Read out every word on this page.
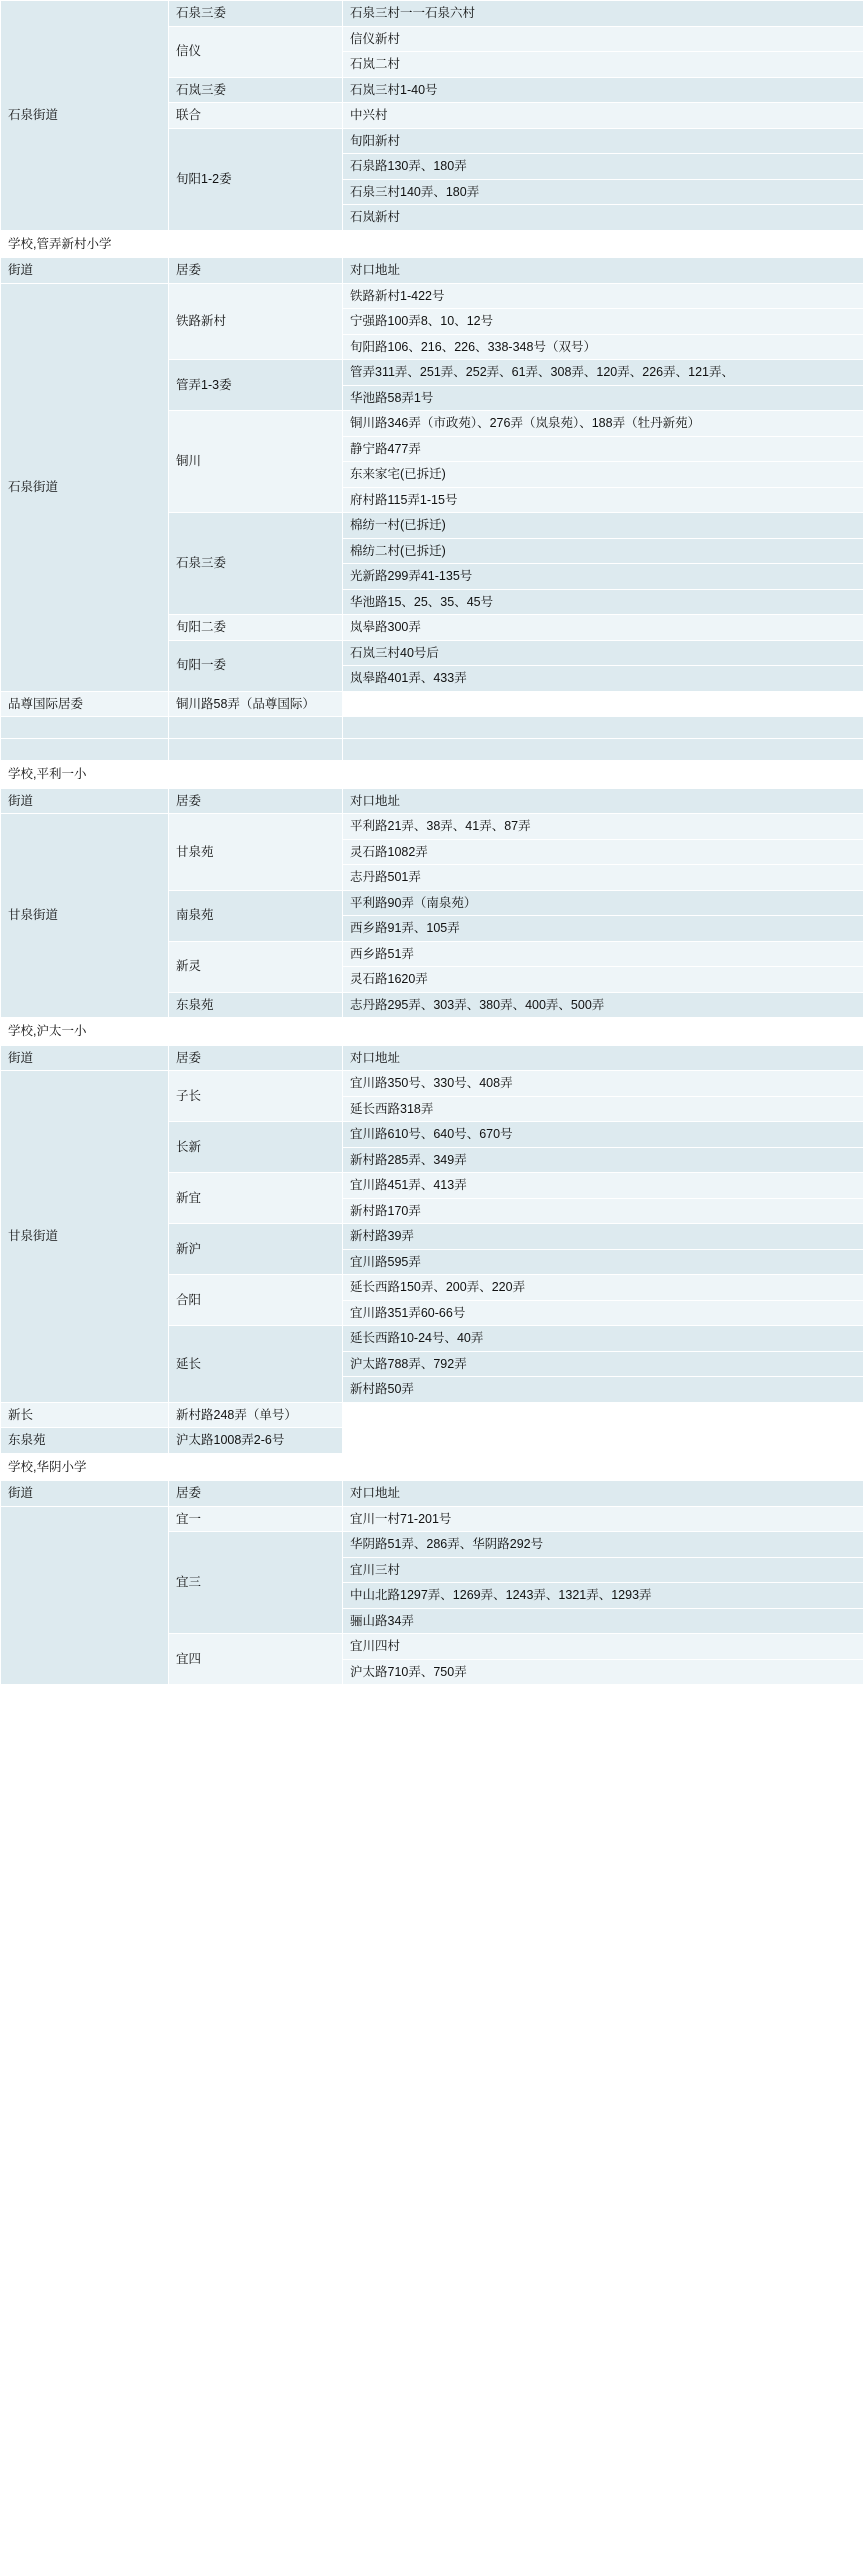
石泉街道	石泉三委	石泉三村一一石泉六村
	信仪	信仪新村
		石岚二村
	石岚三委	石岚三村1-40号
	联合	中兴村
	旬阳1-2委	旬阳新村
		石泉路130弄、180弄
		石泉三村140弄、180弄
		石岚新村
学校,管弄新村小学		
街道	居委	对口地址
石泉街道	铁路新村	铁路新村1-422号
		宁强路100弄8、10、12号
		旬阳路106、216、226、338-348号（双号）
	管弄1-3委	管弄311弄、251弄、252弄、61弄、308弄、120弄、226弄、121弄、
		华池路58弄1号
	铜川	铜川路346弄（市政苑）、276弄（岚泉苑）、188弄（牡丹新苑）
		静宁路477弄
		东来家宅(已拆迁)
		府村路115弄1-15号
	石泉三委	棉纺一村(已拆迁)
		棉纺二村(已拆迁)
		光新路299弄41-135号
		华池路15、25、35、45号
	旬阳二委	岚皋路300弄
	旬阳一委	石岚三村40号后
		岚皋路401弄、433弄
品尊国际居委	铜川路58弄（品尊国际）	

学校,平利一小		
街道	居委	对口地址
甘泉街道	甘泉苑	平利路21弄、38弄、41弄、87弄
		灵石路1082弄
		志丹路501弄
	南泉苑	平利路90弄（南泉苑）
		西乡路91弄、105弄
	新灵	西乡路51弄
		灵石路1620弄
	东泉苑	志丹路295弄、303弄、380弄、400弄、500弄
学校,沪太一小		
街道	居委	对口地址
甘泉街道	子长	宜川路350号、330号、408弄
		延长西路318弄
	长新	宜川路610号、640号、670号
		新村路285弄、349弄
	新宜	宜川路451弄、413弄
		新村路170弄
	新沪	新村路39弄
		宜川路595弄
	合阳	延长西路150弄、200弄、220弄
		宜川路351弄60-66号
	延长	延长西路10-24号、40弄
		沪太路788弄、792弄
		新村路50弄
新长	新村路248弄（单号）	
东泉苑	沪太路1008弄2-6号	
学校,华阴小学		
街道	居委	对口地址
	宜一	宜川一村71-201号
	宜三	华阴路51弄、286弄、华阴路292号
		宜川三村
		中山北路1297弄、1269弄、1243弄、1321弄、1293弄
		骊山路34弄
	宜四	宜川四村
		沪太路710弄、750弄
